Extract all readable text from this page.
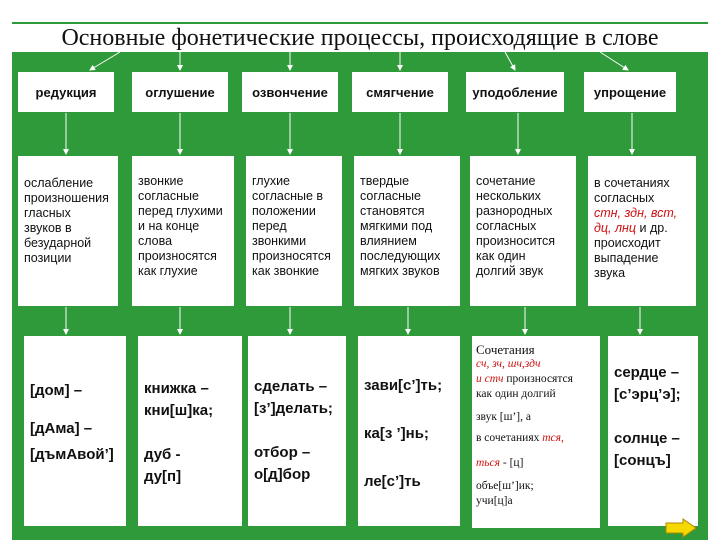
Основные фонетические процессы, происходящие в слове
редукция	оглушение	озвончение	смягчение	уподобление	упрощение
ослабление
произношения
гласных
звуков в
безударной
позиции
звонкие
согласные
перед глухими
и на конце
слова
произносятся
как глухие
глухие
согласные в
положении
перед
звонкими
произносятся
как звонкие
твердые
согласные
становятся
мягкими под
влиянием
последующих
мягких звуков
сочетание
нескольких
разнородных
согласных
произносится
как один
долгий звук
в сочетаниях
согласных
стн, здн, вст,
дц, лнц и др.
происходит
выпадение
звука
[дом] –
[дАма] –
[дъмАвой’]
книжка –
кни[ш]ка;

дуб -
ду[п]
сделать –
[з’]делать;

отбор –
о[д]бор
зави[с’]ть;

ка[з ’]нь;

ле[с’]ть
Сочетания
сч, зч, шч,здч
и стч произносятся
как один долгий
звук [ш’], а
в сочетаниях тся,
ться - [ц]
объе[ш’]ик;
учи[ц]а
сердце –
[с’эрц’э];

солнце –
[сонцъ]
